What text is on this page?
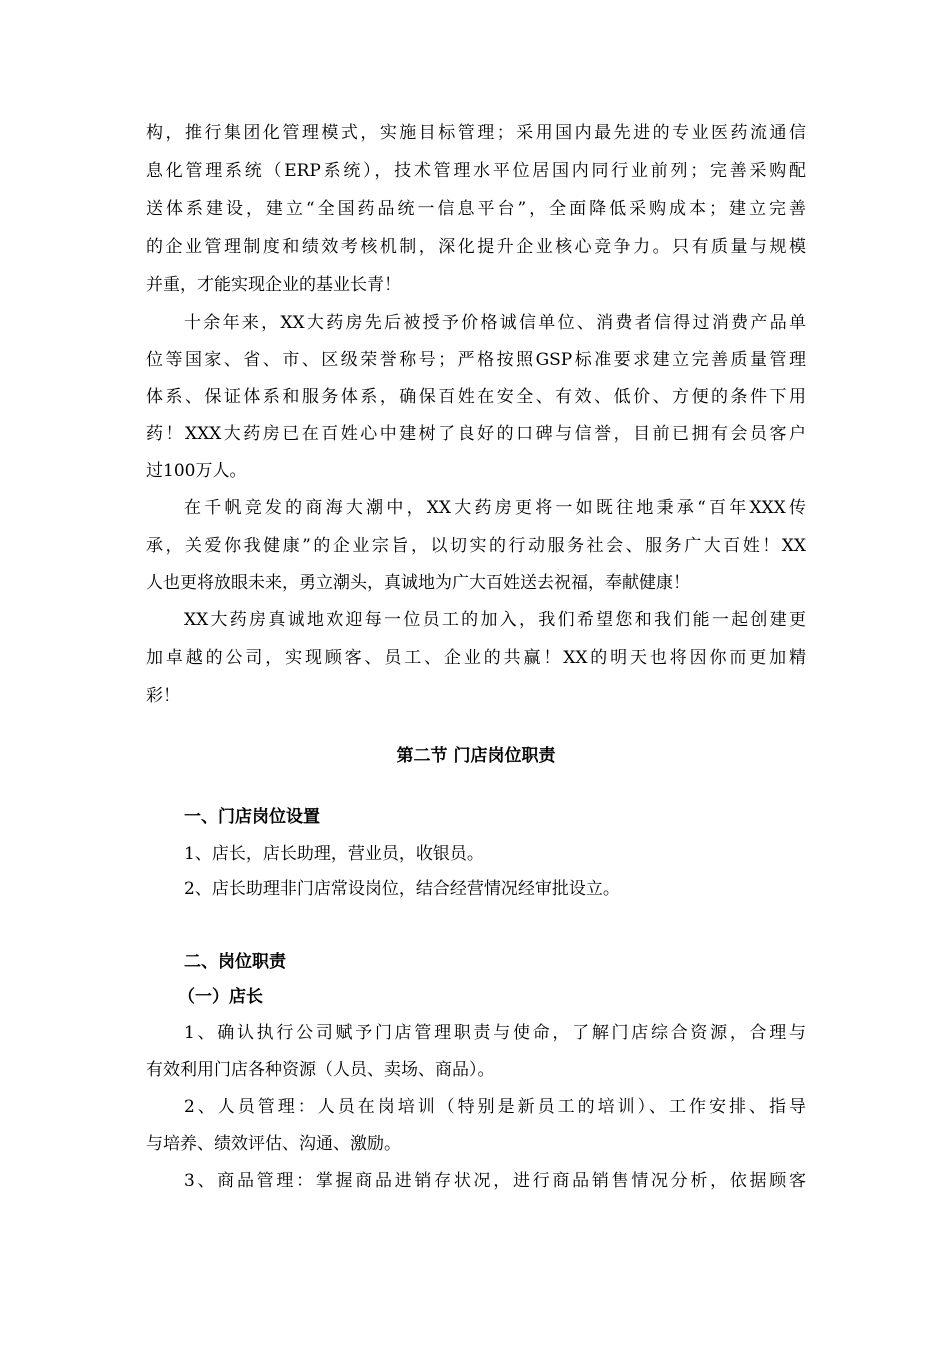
构，推行集团化管理模式，实施目标管理；采用国内最先进的专业医药流通信
息化管理系统（ERP系统），技术管理水平位居国内同行业前列；完善采购配
送体系建设，建立“全国药品统一信息平台”，全面降低采购成本；建立完善
的企业管理制度和绩效考核机制，深化提升企业核心竞争力。只有质量与规模
并重，才能实现企业的基业长青！
十余年来，XX大药房先后被授予价格诚信单位、消费者信得过消费产品单
位等国家、省、市、区级荣誉称号；严格按照GSP标准要求建立完善质量管理
体系、保证体系和服务体系，确保百姓在安全、有效、低价、方便的条件下用
药！XXX大药房已在百姓心中建树了良好的口碑与信誉，目前已拥有会员客户
过100万人。
在千帆竞发的商海大潮中，XX大药房更将一如既往地秉承“百年XXX传
承，关爱你我健康”的企业宗旨，以切实的行动服务社会、服务广大百姓！XX
人也更将放眼未来，勇立潮头，真诚地为广大百姓送去祝福，奉献健康！
XX大药房真诚地欢迎每一位员工的加入，我们希望您和我们能一起创建更
加卓越的公司，实现顾客、员工、企业的共赢！XX的明天也将因你而更加精
彩！
第二节 门店岗位职责
一、门店岗位设置
1、店长，店长助理，营业员，收银员。
2、店长助理非门店常设岗位，结合经营情况经审批设立。
二、岗位职责
（一）店长
1、确认执行公司赋予门店管理职责与使命，了解门店综合资源，合理与
有效利用门店各种资源（人员、卖场、商品）。
2、人员管理：人员在岗培训（特别是新员工的培训）、工作安排、指导
与培养、绩效评估、沟通、激励。
3、商品管理：掌握商品进销存状况，进行商品销售情况分析，依据顾客
